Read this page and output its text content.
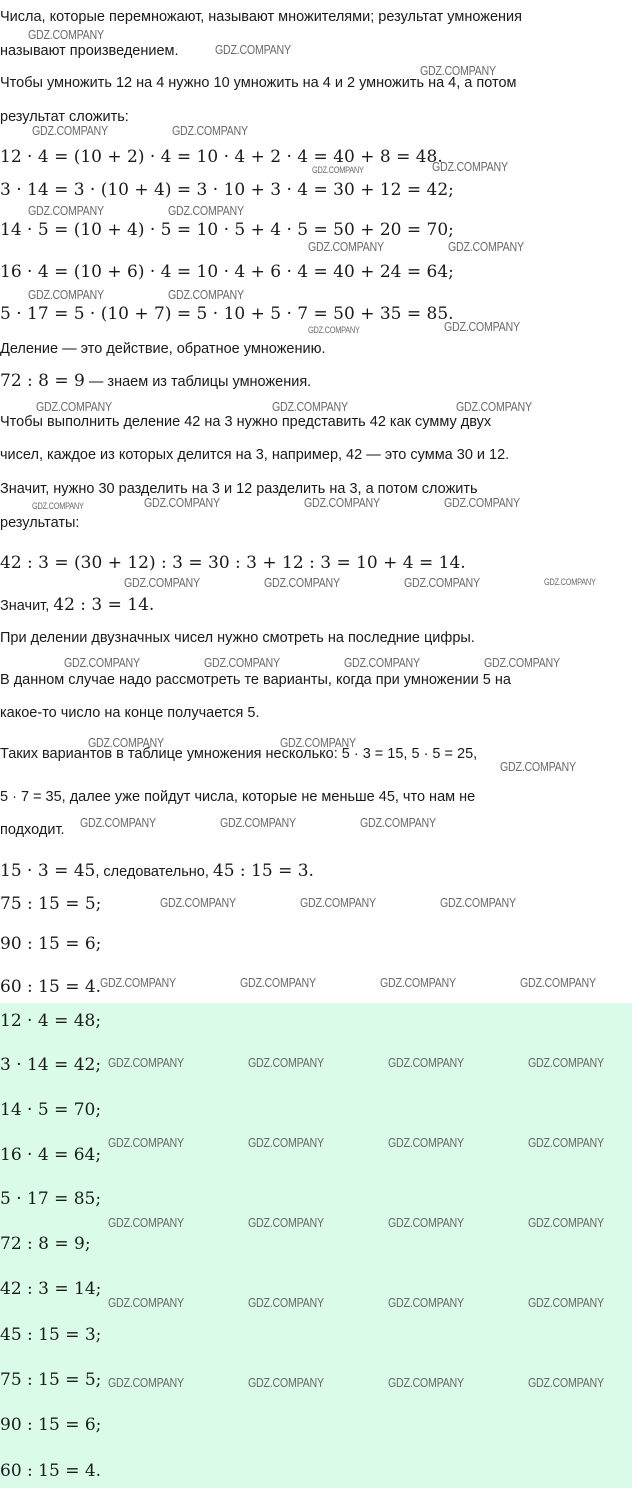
Числа, которые перемножают, называют множителями; результат умножения
называют произведением.
Чтобы умножить 12 на 4 нужно 10 умножить на 4 и 2 умножить на 4, а потом
результат сложить:
12 · 4 = (10 + 2) · 4 = 10 · 4 + 2 · 4 = 40 + 8 = 48.
3 · 14 = 3 · (10 + 4) = 3 · 10 + 3 · 4 = 30 + 12 = 42;
14 · 5 = (10 + 4) · 5 = 10 · 5 + 4 · 5 = 50 + 20 = 70;
16 · 4 = (10 + 6) · 4 = 10 · 4 + 6 · 4 = 40 + 24 = 64;
5 · 17 = 5 · (10 + 7) = 5 · 10 + 5 · 7 = 50 + 35 = 85.
Деление — это действие, обратное умножению.
72 : 8 = 9 — знаем из таблицы умножения.
Чтобы выполнить деление 42 на 3 нужно представить 42 как сумму двух
чисел, каждое из которых делится на 3, например, 42 — это сумма 30 и 12.
Значит, нужно 30 разделить на 3 и 12 разделить на 3, а потом сложить
результаты:
42 : 3 = (30 + 12) : 3 = 30 : 3 + 12 : 3 = 10 + 4 = 14.
Значит, 42 : 3 = 14.
При делении двузначных чисел нужно смотреть на последние цифры.
В данном случае надо рассмотреть те варианты, когда при умножении 5 на
какое-то число на конце получается 5.
Таких вариантов в таблице умножения несколько: 5 · 3 = 15, 5 · 5 = 25,
5 · 7 = 35, далее уже пойдут числа, которые не меньше 45, что нам не
подходит.
15 · 3 = 45, следовательно, 45 : 15 = 3.
75 : 15 = 5;
90 : 15 = 6;
60 : 15 = 4.
12 · 4 = 48;
3 · 14 = 42;
14 · 5 = 70;
16 · 4 = 64;
5 · 17 = 85;
72 : 8 = 9;
42 : 3 = 14;
45 : 15 = 3;
75 : 15 = 5;
90 : 15 = 6;
60 : 15 = 4.
GDZ.COMPANY
GDZ.COMPANY
GDZ.COMPANY
GDZ.COMPANY	GDZ.COMPANY
GDZ.COMPANY	GDZ.COMPANY
GDZ.COMPANY	GDZ.COMPANY
GDZ.COMPANY	GDZ.COMPANY
GDZ.COMPANY	GDZ.COMPANY
GDZ.COMPANY	GDZ.COMPANY
GDZ.COMPANY	GDZ.COMPANY	GDZ.COMPANY
GDZ.COMPANY	GDZ.COMPANY	GDZ.COMPANY	GDZ.COMPANY
GDZ.COMPANY	GDZ.COMPANY	GDZ.COMPANY	GDZ.COMPANY
GDZ.COMPANY	GDZ.COMPANY	GDZ.COMPANY	GDZ.COMPANY
GDZ.COMPANY	GDZ.COMPANY
GDZ.COMPANY
GDZ.COMPANY	GDZ.COMPANY	GDZ.COMPANY
GDZ.COMPANY	GDZ.COMPANY	GDZ.COMPANY
GDZ.COMPANY	GDZ.COMPANY	GDZ.COMPANY	GDZ.COMPANY
GDZ.COMPANY	GDZ.COMPANY	GDZ.COMPANY	GDZ.COMPANY
GDZ.COMPANY	GDZ.COMPANY	GDZ.COMPANY	GDZ.COMPANY
GDZ.COMPANY	GDZ.COMPANY	GDZ.COMPANY	GDZ.COMPANY
GDZ.COMPANY	GDZ.COMPANY	GDZ.COMPANY	GDZ.COMPANY
GDZ.COMPANY	GDZ.COMPANY	GDZ.COMPANY	GDZ.COMPANY
